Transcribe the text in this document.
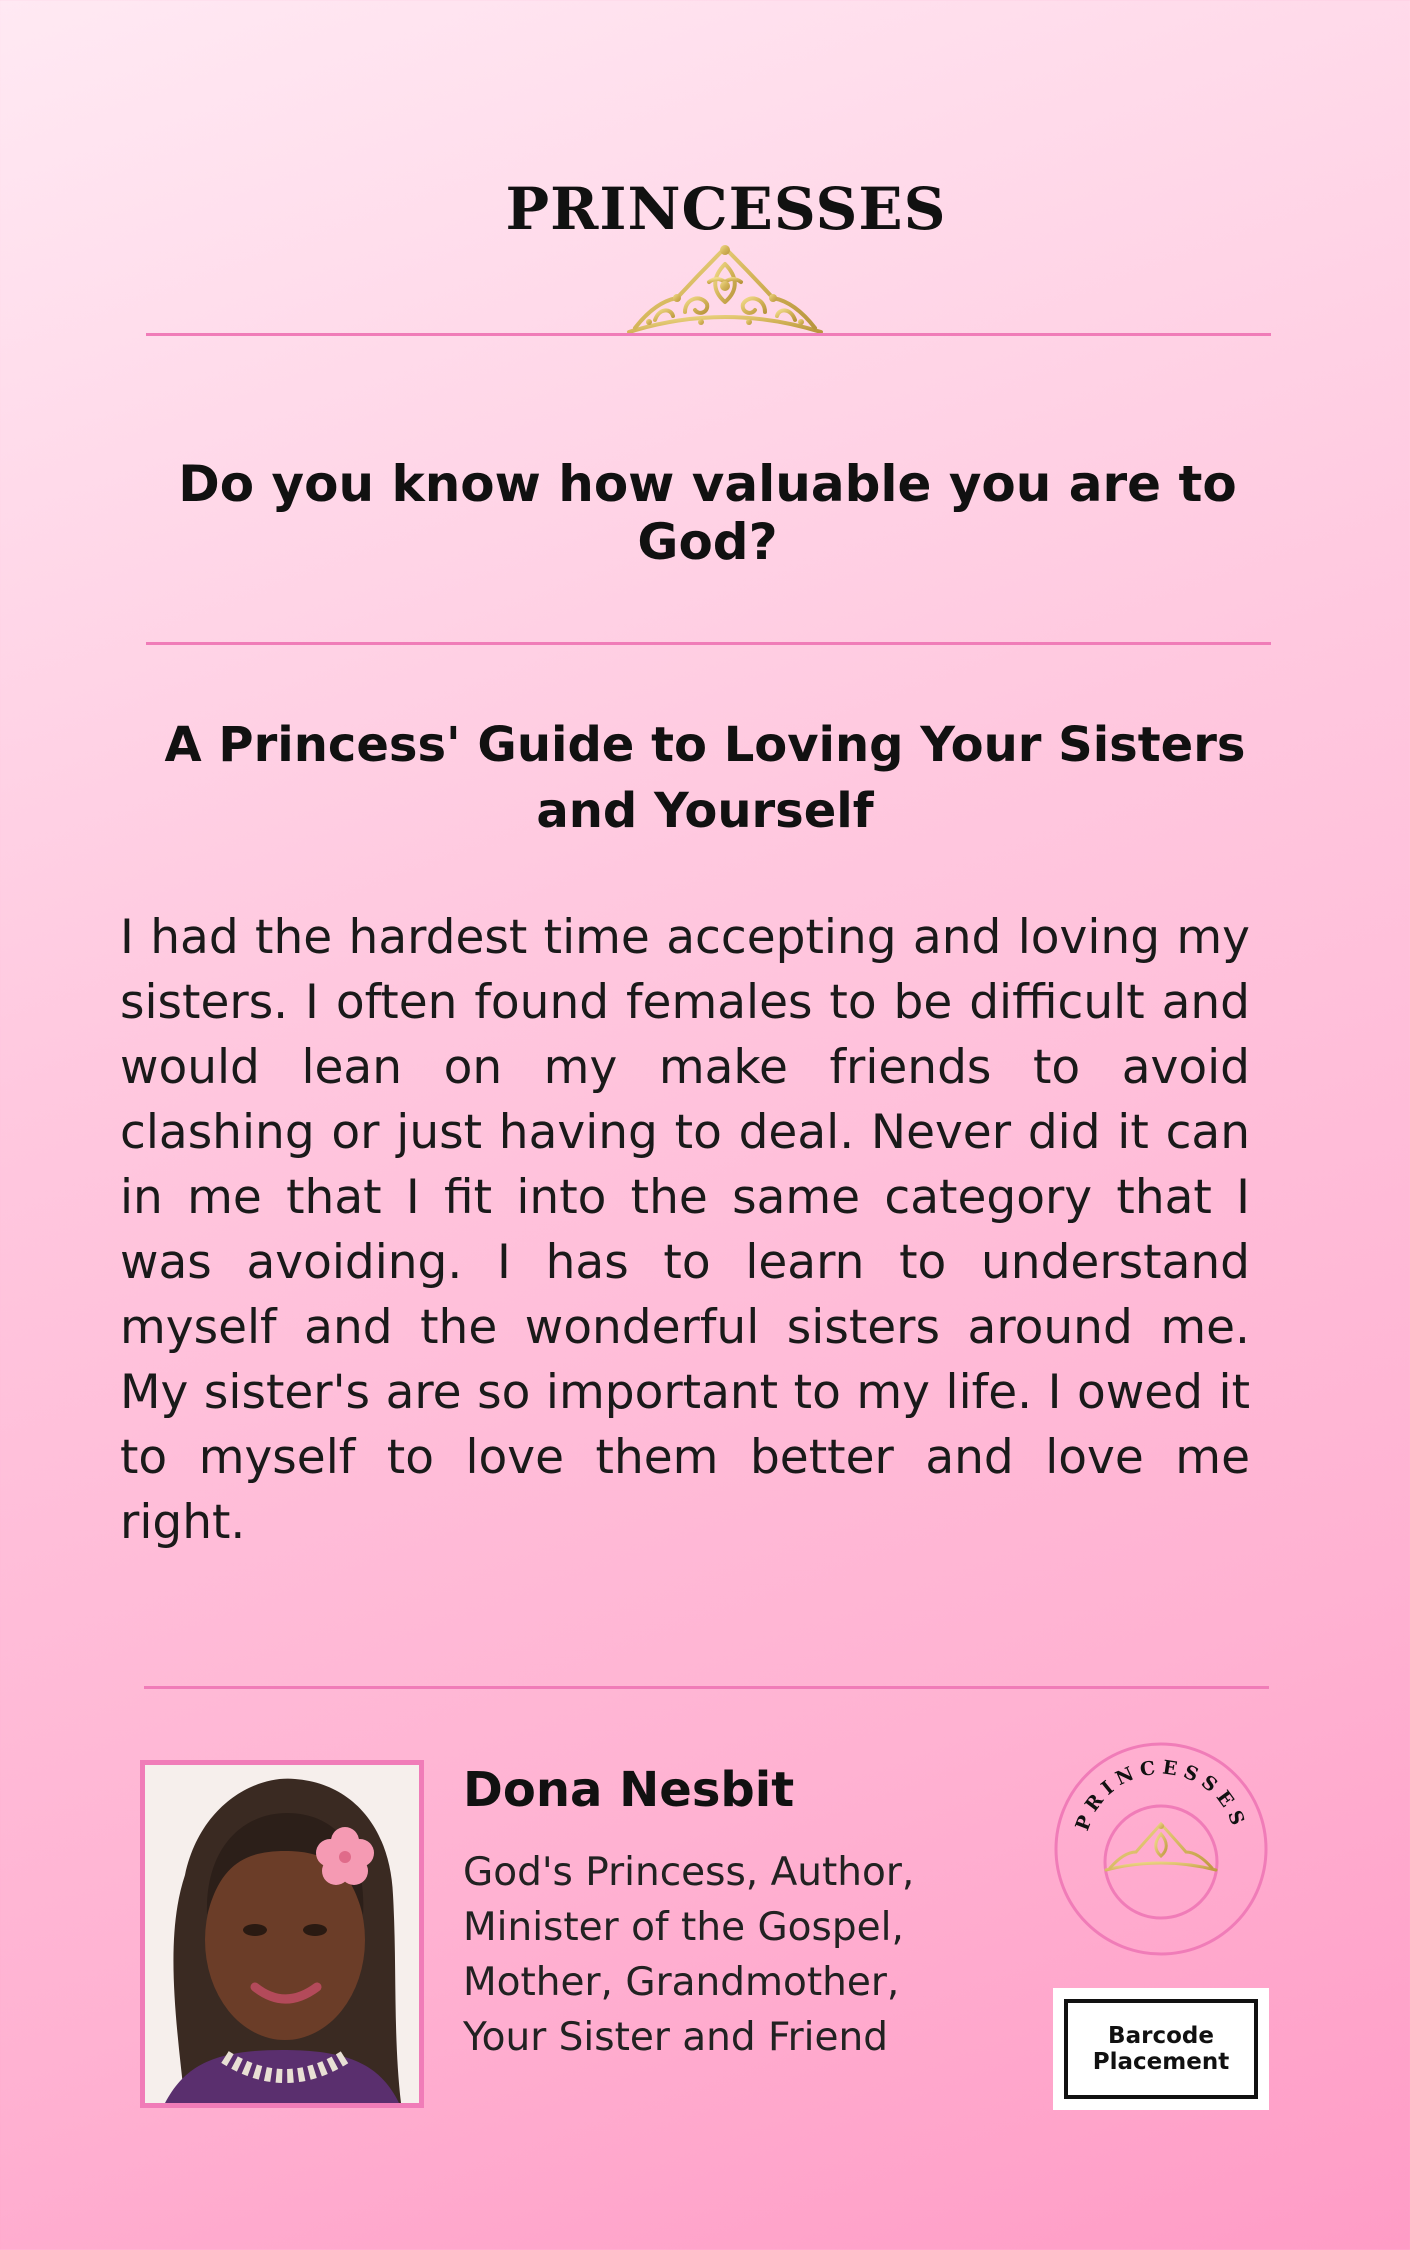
PRINCESSES
Do you know how valuable you are to God?
A Princess' Guide to Loving Your Sisters and Yourself
I had the hardest time accepting and loving my sisters. I often found females to be difficult and would lean on my make friends to avoid clashing or just having to deal. Never did it can in me that I fit into the same category that I was avoiding. I has to learn to understand myself and the wonderful sisters around me. My sister's are so important to my life. I owed it to myself to love them better and love me right.
Dona Nesbit
God's Princess, Author,
Minister of the Gospel,
Mother, Grandmother,
Your Sister and Friend
PRINCESSES
Barcode
Placement
